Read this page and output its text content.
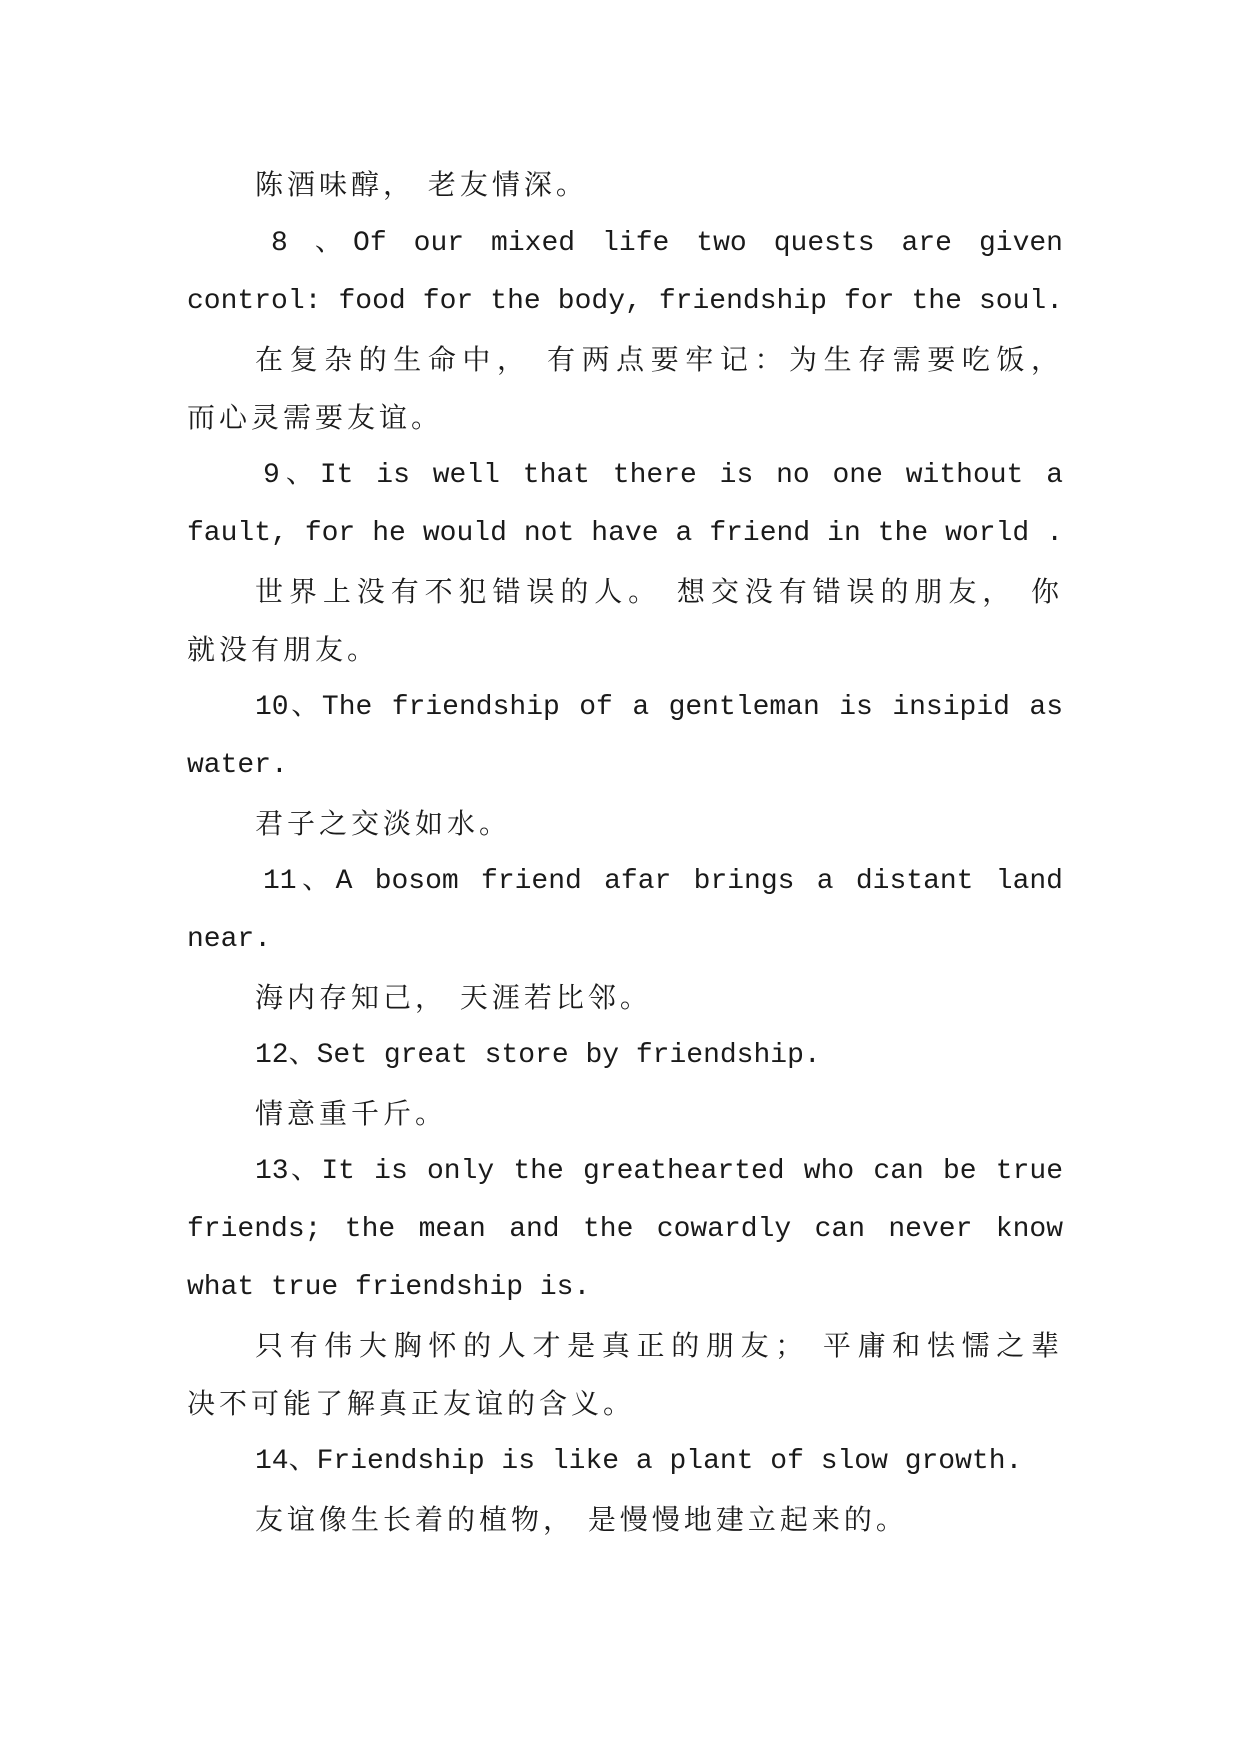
陈酒味醇， 老友情深。
8 、Of our mixed life two quests are given
control: food for the body, friendship for the soul.
在复杂的生命中， 有两点要牢记：为生存需要吃饭，
而心灵需要友谊。
9、It is well that there is no one without a
fault, for he would not have a friend in the world .
世界上没有不犯错误的人。 想交没有错误的朋友， 你
就没有朋友。
10、The friendship of a gentleman is insipid as
water.
君子之交淡如水。
11、A bosom friend afar brings a distant land
near.
海内存知己， 天涯若比邻。
12、Set great store by friendship.
情意重千斤。
13、It is only the greathearted who can be true
friends; the mean and the cowardly can never know
what true friendship is.
只有伟大胸怀的人才是真正的朋友； 平庸和怯懦之辈
决不可能了解真正友谊的含义。
14、Friendship is like a plant of slow growth.
友谊像生长着的植物， 是慢慢地建立起来的。
